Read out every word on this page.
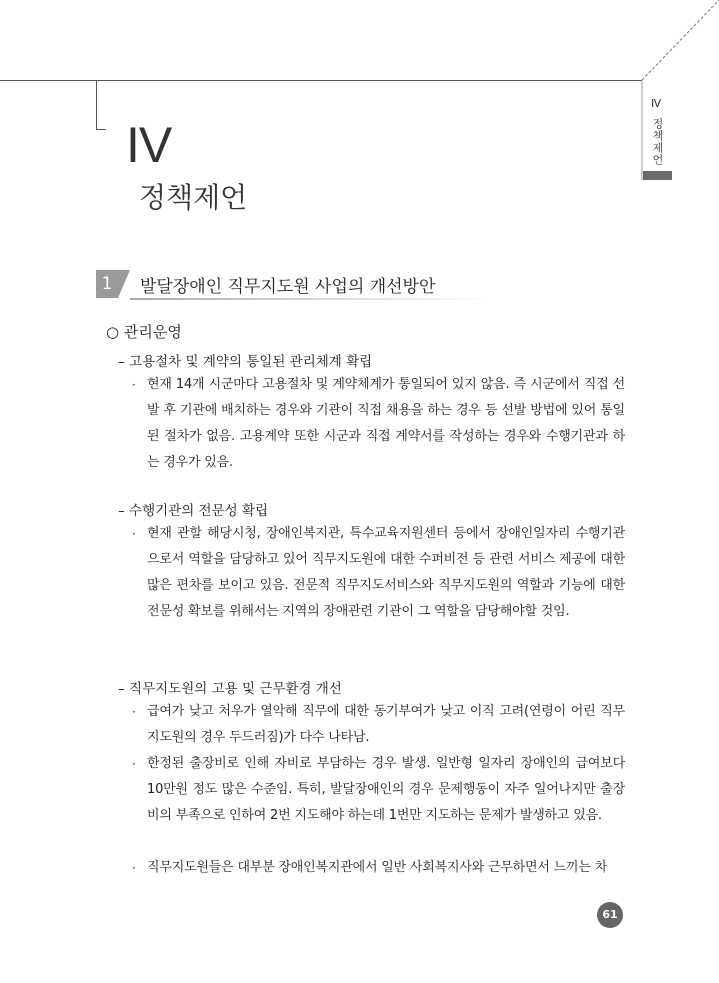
Ⅳ
정책제언
IV
정책제언
1	발달장애인 직무지도원 사업의 개선방안
○ 관리운영
– 고용절차 및 계약의 통일된 관리체계 확립
· 현재 14개 시군마다 고용절차 및 계약체계가 통일되어 있지 않음. 즉 시군에서 직접 선발 후 기관에 배치하는 경우와 기관이 직접 채용을 하는 경우 등 선발 방법에 있어 통일된 절차가 없음. 고용계약 또한 시군과 직접 계약서를 작성하는 경우와 수행기관과 하는 경우가 있음.
– 수행기관의 전문성 확립
· 현재 관할 해당시청, 장애인복지관, 특수교육지원센터 등에서 장애인일자리 수행기관으로서 역할을 담당하고 있어 직무지도원에 대한 수퍼비전 등 관련 서비스 제공에 대한 많은 편차를 보이고 있음. 전문적 직무지도서비스와 직무지도원의 역할과 기능에 대한 전문성 확보를 위해서는 지역의 장애관련 기관이 그 역할을 담당해야할 것임.
– 직무지도원의 고용 및 근무환경 개선
· 급여가 낮고 처우가 열악해 직무에 대한 동기부여가 낮고 이직 고려(연령이 어린 직무지도원의 경우 두드러짐)가 다수 나타남.
· 한정된 출장비로 인해 자비로 부담하는 경우 발생. 일반형 일자리 장애인의 급여보다 10만원 정도 많은 수준임. 특히, 발달장애인의 경우 문제행동이 자주 일어나지만 출장비의 부족으로 인하여 2번 지도해야 하는데 1번만 지도하는 문제가 발생하고 있음.
· 직무지도원들은 대부분 장애인복지관에서 일반 사회복지사와 근무하면서 느끼는 차
61
